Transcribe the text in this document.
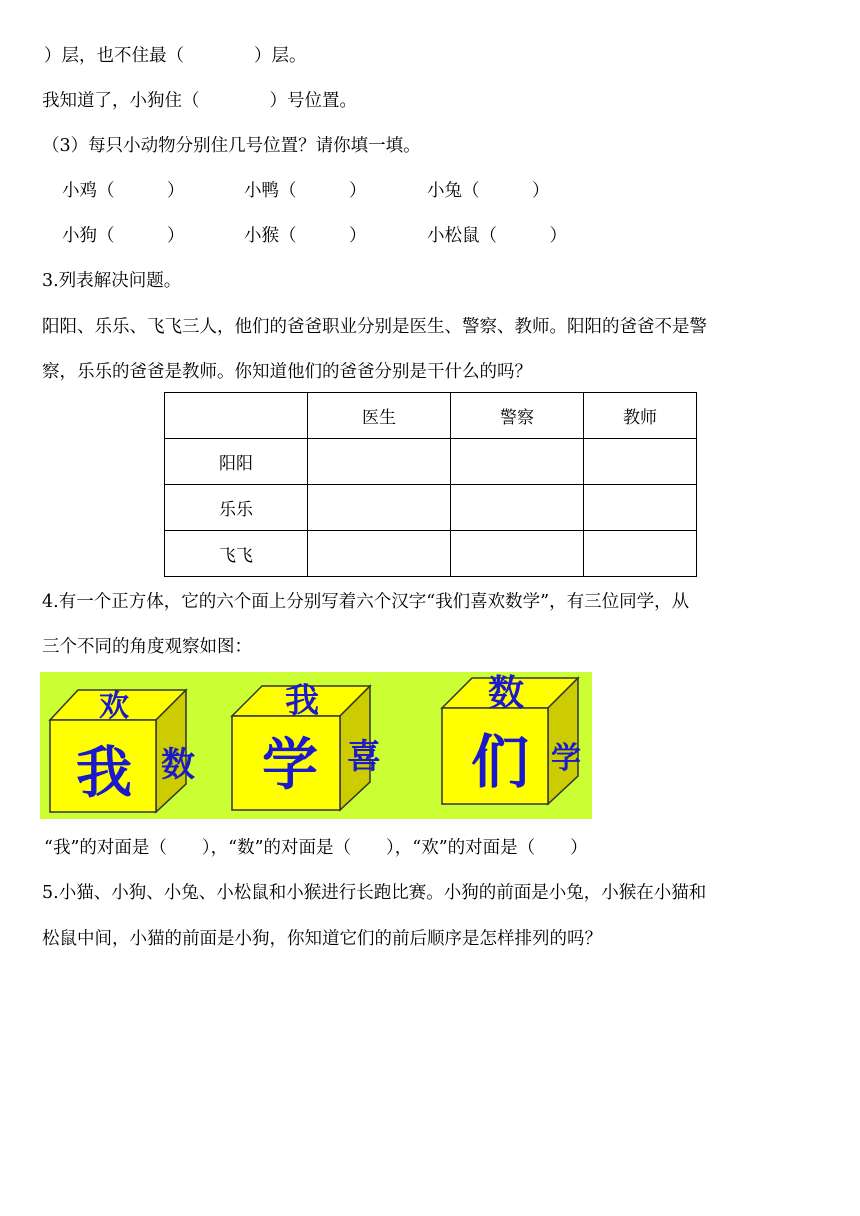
）层，也不住最（　　　　）层。
我知道了，小狗住（　　　　）号位置。
（3）每只小动物分别住几号位置？请你填一填。
小鸡（　　　）	小鸭（　　　）	小兔（　　　）
小狗（　　　）	小猴（　　　）	小松鼠（　　　）
3.列表解决问题。
阳阳、乐乐、飞飞三人，他们的爸爸职业分别是医生、警察、教师。阳阳的爸爸不是警
察，乐乐的爸爸是教师。你知道他们的爸爸分别是干什么的吗？
	医生	警察	教师
阳阳			
乐乐			
飞飞			
4.有一个正方体，它的六个面上分别写着六个汉字“我们喜欢数学”，有三位同学，从
三个不同的角度观察如图：
欢
我 数
我
学 喜
数
们 学
“我”的对面是（　　），“数”的对面是（　　），“欢”的对面是（　　）
5.小猫、小狗、小兔、小松鼠和小猴进行长跑比赛。小狗的前面是小兔，小猴在小猫和
松鼠中间，小猫的前面是小狗，你知道它们的前后顺序是怎样排列的吗？
